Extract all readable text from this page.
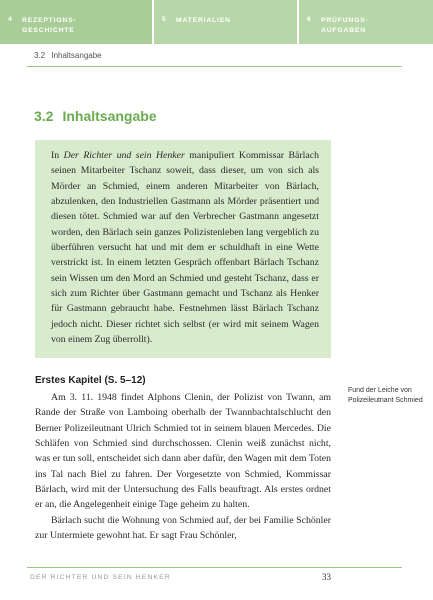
4 REZEPTIONS-
GESCHICHTE
5 MATERIALIEN	6 PRÜFUNGS-
AUFGABEN
3.2 Inhaltsangabe
3.2 Inhaltsangabe
In Der Richter und sein Henker manipuliert Kommissar Bärlach seinen Mitarbeiter Tschanz soweit, dass dieser, um von sich als Mörder an Schmied, einem anderen Mitarbeiter von Bärlach, abzulenken, den Industriellen Gastmann als Mörder präsentiert und diesen tötet. Schmied war auf den Verbrecher Gastmann angesetzt worden, den Bärlach sein ganzes Polizistenleben lang vergeblich zu überführen versucht hat und mit dem er schuldhaft in eine Wette verstrickt ist. In einem letzten Gespräch offenbart Bärlach Tschanz sein Wissen um den Mord an Schmied und gesteht Tschanz, dass er sich zum Richter über Gastmann gemacht und Tschanz als Henker für Gastmann gebraucht habe. Festnehmen lässt Bärlach Tschanz jedoch nicht. Dieser richtet sich selbst (er wird mit seinem Wagen von einem Zug überrollt).
Erstes Kapitel (S. 5–12)

Am 3. 11. 1948 findet Alphons Clenin, der Polizist von Twann, am Rande der Straße von Lamboing oberhalb der Twannbachtalschlucht den Berner Polizeileutnant Ulrich Schmied tot in seinem blauen Mercedes. Die Schläfen von Schmied sind durchschossen. Clenin weiß zunächst nicht, was er tun soll, entscheidet sich dann aber dafür, den Wagen mit dem Toten ins Tal nach Biel zu fahren. Der Vorgesetzte von Schmied, Kommissar Bärlach, wird mit der Untersuchung des Falls beauftragt. Als erstes ordnet er an, die Angelegenheit einige Tage geheim zu halten.

Bärlach sucht die Wohnung von Schmied auf, der bei Familie Schönler zur Untermiete gewohnt hat. Er sagt Frau Schönler,

Fund der Leiche von Polizeileutnant Schmied
DER RICHTER UND SEIN HENKER	33
